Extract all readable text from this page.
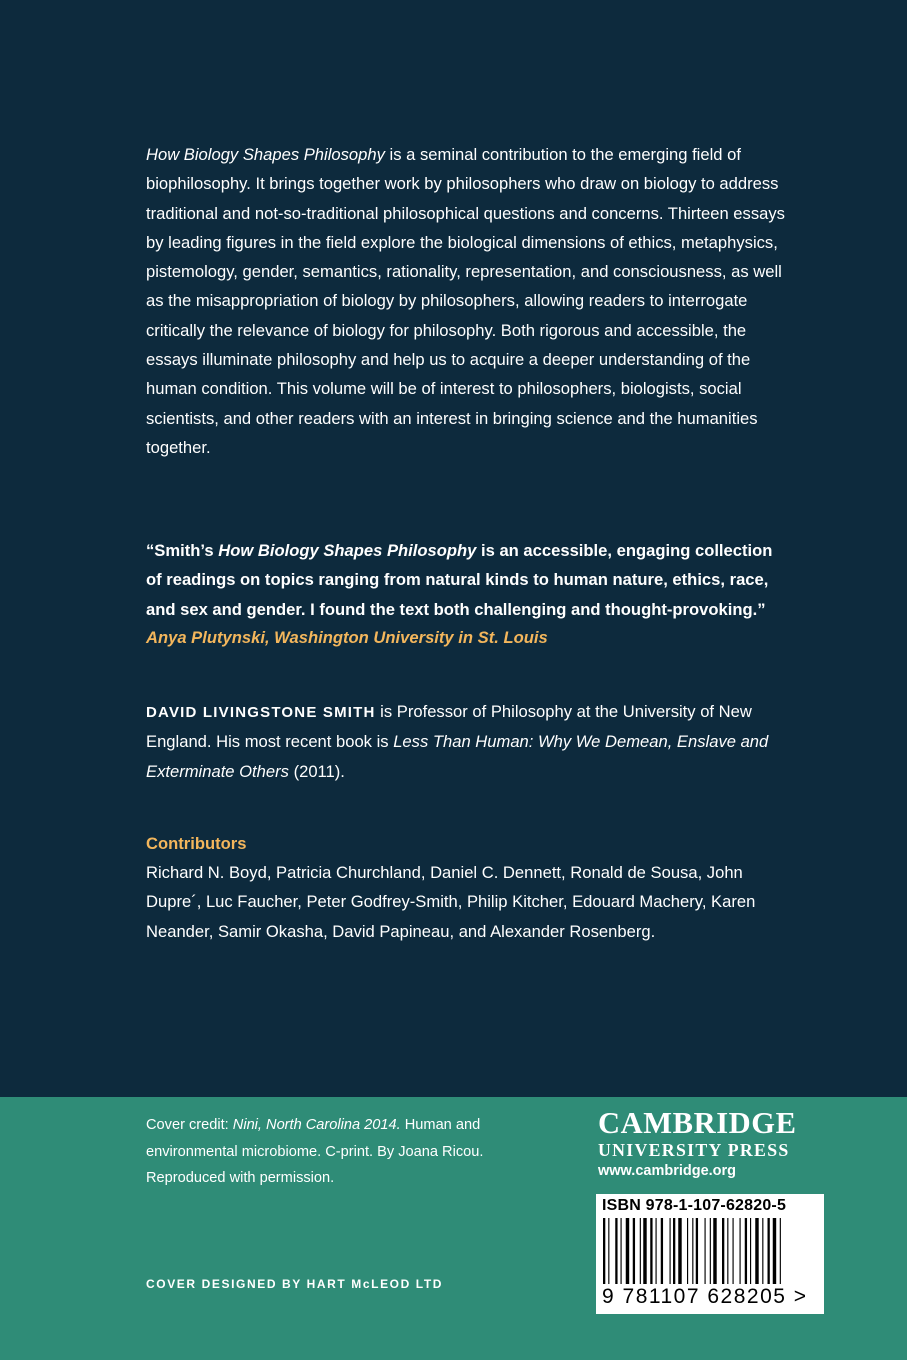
How Biology Shapes Philosophy is a seminal contribution to the emerging field of biophilosophy. It brings together work by philosophers who draw on biology to address traditional and not-so-traditional philosophical questions and concerns. Thirteen essays by leading figures in the field explore the biological dimensions of ethics, metaphysics, pistemology, gender, semantics, rationality, representation, and consciousness, as well as the misappropriation of biology by philosophers, allowing readers to interrogate critically the relevance of biology for philosophy. Both rigorous and accessible, the essays illuminate philosophy and help us to acquire a deeper understanding of the human condition. This volume will be of interest to philosophers, biologists, social scientists, and other readers with an interest in bringing science and the humanities together.

“Smith’s How Biology Shapes Philosophy is an accessible, engaging collection of readings on topics ranging from natural kinds to human nature, ethics, race, and sex and gender. I found the text both challenging and thought-provoking.”

Anya Plutynski, Washington University in St. Louis

DAVID LIVINGSTONE SMITH is Professor of Philosophy at the University of New England. His most recent book is Less Than Human: Why We Demean, Enslave and Exterminate Others (2011).

Contributors

Richard N. Boyd, Patricia Churchland, Daniel C. Dennett, Ronald de Sousa, John Dupre´, Luc Faucher, Peter Godfrey-Smith, Philip Kitcher, Edouard Machery, Karen Neander, Samir Okasha, David Papineau, and Alexander Rosenberg.

Cover credit: Nini, North Carolina 2014. Human and environmental microbiome. C-print. By Joana Ricou. Reproduced with permission.

COVER DESIGNED BY HART McLEOD LTD

CAMBRIDGE
UNIVERSITY PRESS
www.cambridge.org

ISBN 978-1-107-62820-5

9 781107 628205 >
